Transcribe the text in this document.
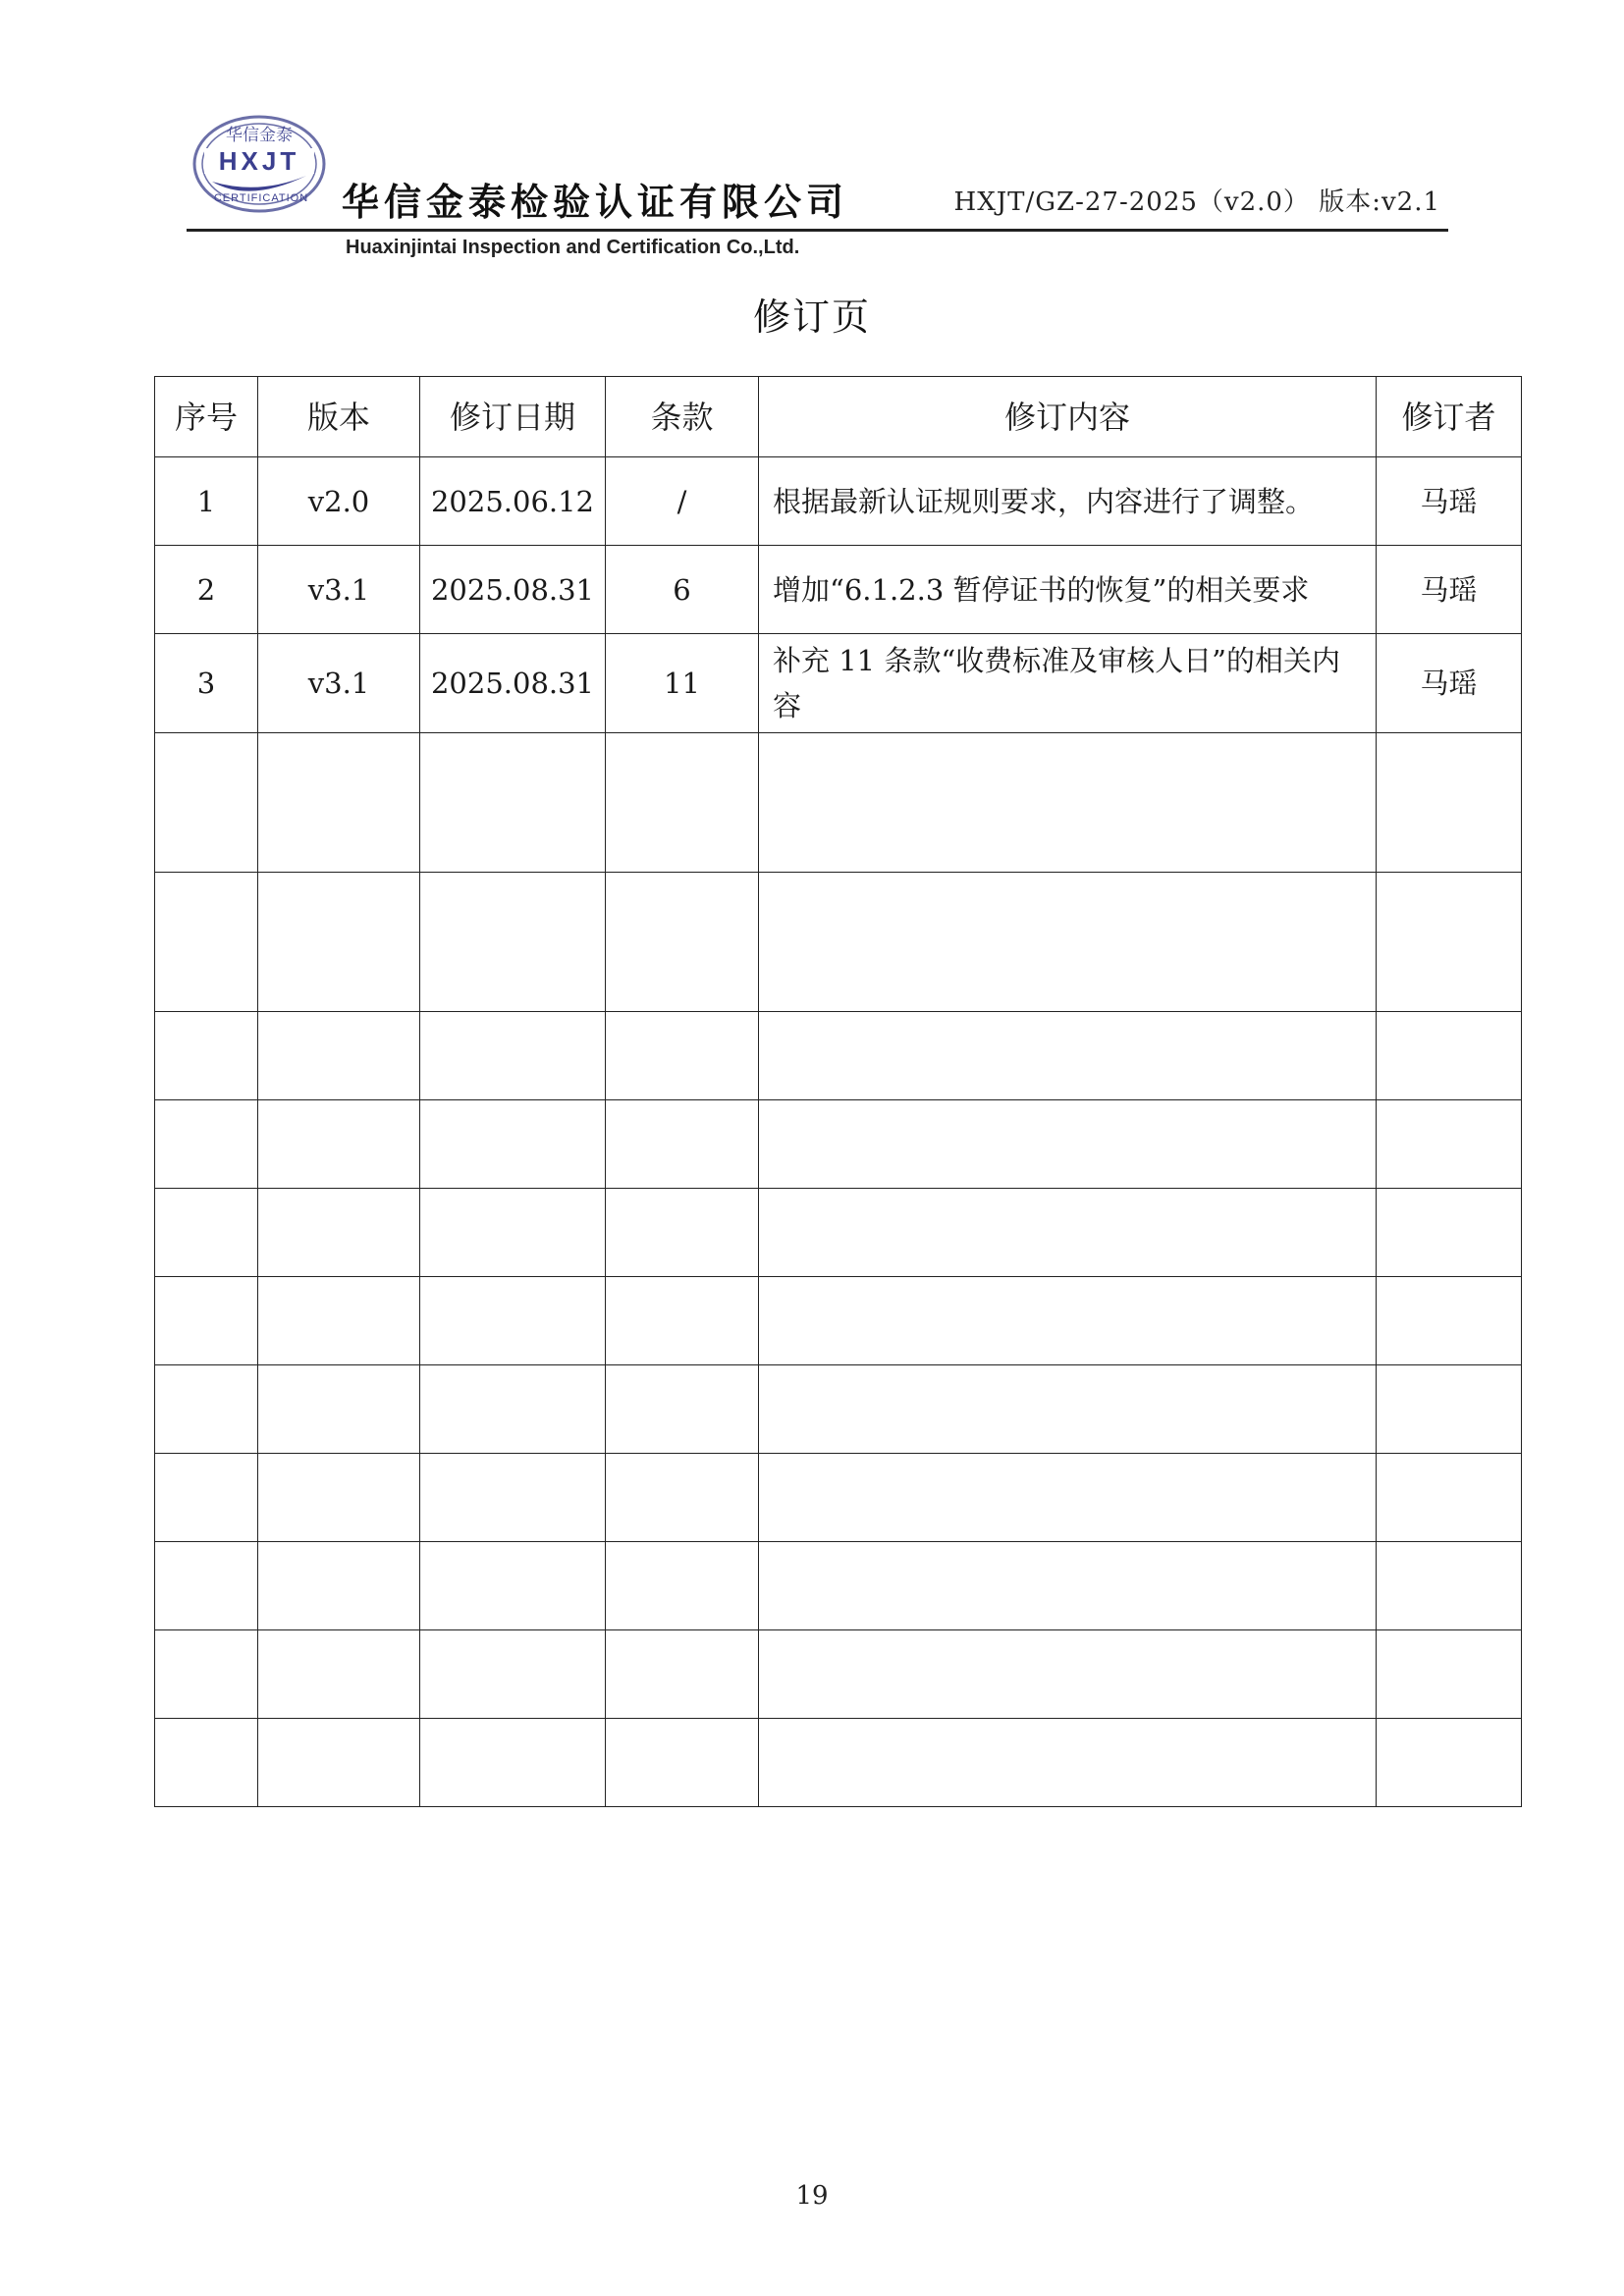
华信金泰
HXJT
CERTIFICATION 华信金泰检验认证有限公司	HXJT/GZ-27-2025（v2.0） 版本:v2.1
Huaxinjintai Inspection and Certification Co.,Ltd.
修订页
序号	版本	修订日期	条款	修订内容	修订者
1	v2.0	2025.06.12	/	根据最新认证规则要求，内容进行了调整。	马瑶
2	v3.1	2025.08.31	6	增加“6.1.2.3 暂停证书的恢复”的相关要求	马瑶
3	v3.1	2025.08.31	11	补充 11 条款“收费标准及审核人日”的相关内容	马瑶

19
